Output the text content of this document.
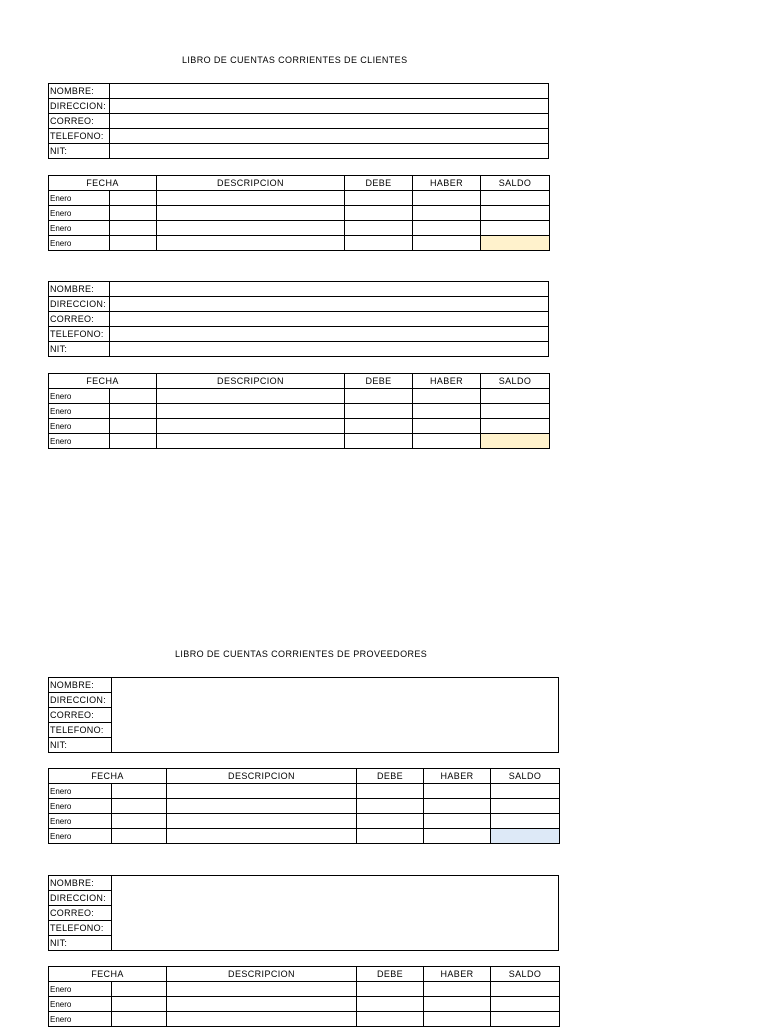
LIBRO DE CUENTAS CORRIENTES DE CLIENTES
NOMBRE:	
DIRECCION:	
CORREO:	
TELEFONO:	
NIT:	
FECHA		DESCRIPCION	DEBE	HABER	SALDO
Enero					
Enero					
Enero					
Enero					
NOMBRE:	
DIRECCION:	
CORREO:	
TELEFONO:	
NIT:	
FECHA		DESCRIPCION	DEBE	HABER	SALDO
Enero					
Enero					
Enero					
Enero					
LIBRO DE CUENTAS CORRIENTES DE PROVEEDORES
NOMBRE:	
DIRECCION:
CORREO:
TELEFONO:
NIT:
FECHA		DESCRIPCION	DEBE	HABER	SALDO
Enero					
Enero					
Enero					
Enero					
NOMBRE:	
DIRECCION:
CORREO:
TELEFONO:
NIT:
FECHA		DESCRIPCION	DEBE	HABER	SALDO
Enero					
Enero					
Enero					
